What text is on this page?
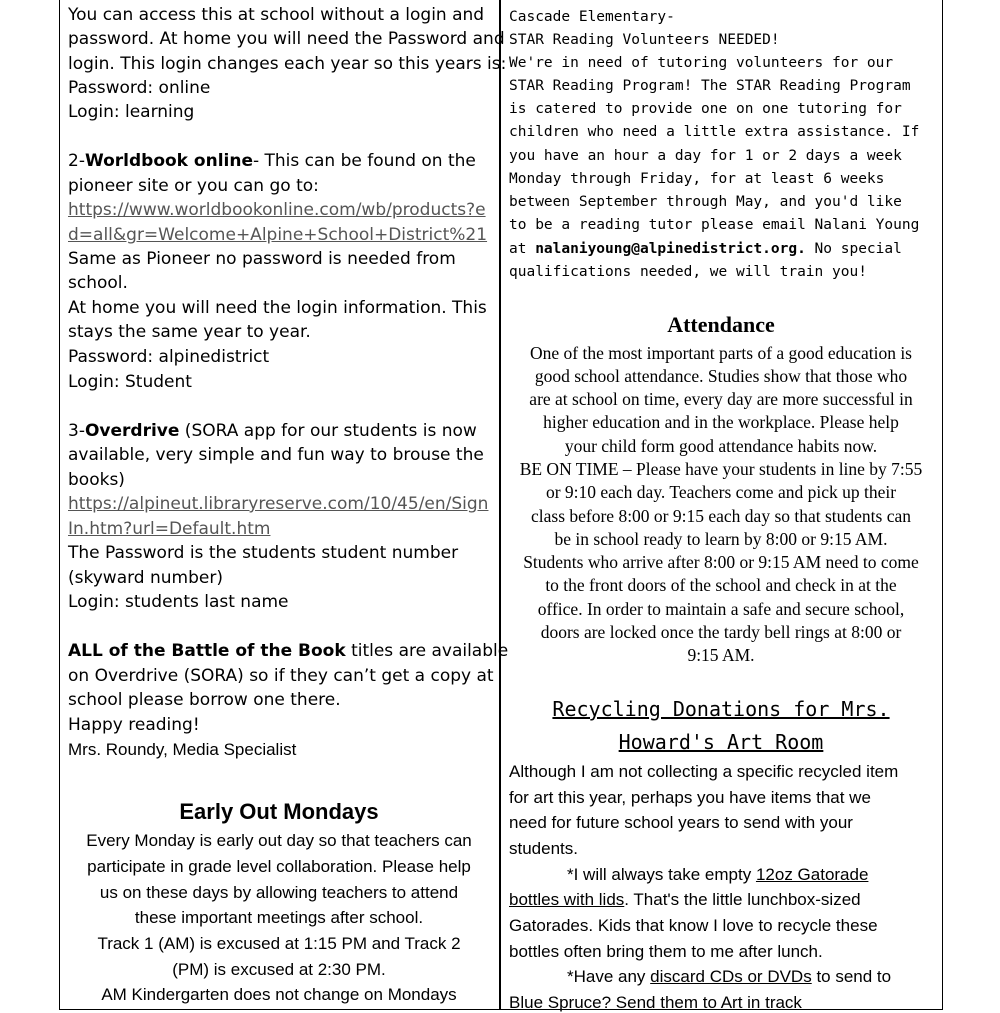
You can access this at school without a login and

password. At home you will need the Password and

login. This login changes each year so this years is:

Password: online

Login: learning

2-Worldbook online- This can be found on the

pioneer site or you can go to:

https://www.worldbookonline.com/wb/products?e

d=all&gr=Welcome+Alpine+School+District%21

Same as Pioneer no password is needed from

school.

At home you will need the login information. This

stays the same year to year.

Password: alpinedistrict

Login: Student

3-Overdrive (SORA app for our students is now

available, very simple and fun way to brouse the

books)

https://alpineut.libraryreserve.com/10/45/en/Sign

In.htm?url=Default.htm

The Password is the students student number

(skyward number)

Login: students last name

ALL of the Battle of the Book titles are available

on Overdrive (SORA) so if they can’t get a copy at

school please borrow one there.

Happy reading!

Mrs. Roundy, Media Specialist

Early Out Mondays

Every Monday is early out day so that teachers can

participate in grade level collaboration. Please help

us on these days by allowing teachers to attend

these important meetings after school.

Track 1 (AM) is excused at 1:15 PM and Track 2

(PM) is excused at 2:30 PM.

AM Kindergarten does not change on Mondays

Cascade Elementary-

STAR Reading Volunteers NEEDED!

We're in need of tutoring volunteers for our

STAR Reading Program! The STAR Reading Program

is catered to provide one on one tutoring for

children who need a little extra assistance. If

you have an hour a day for 1 or 2 days a week

Monday through Friday, for at least 6 weeks

between September through May, and you'd like

to be a reading tutor please email Nalani Young

at nalaniyoung@alpinedistrict.org. No special

qualifications needed, we will train you!

Attendance

One of the most important parts of a good education is

good school attendance. Studies show that those who

are at school on time, every day are more successful in

higher education and in the workplace. Please help

your child form good attendance habits now.

BE ON TIME – Please have your students in line by 7:55

or 9:10 each day. Teachers come and pick up their

class before 8:00 or 9:15 each day so that students can

be in school ready to learn by 8:00 or 9:15 AM.

Students who arrive after 8:00 or 9:15 AM need to come

to the front doors of the school and check in at the

office. In order to maintain a safe and secure school,

doors are locked once the tardy bell rings at 8:00 or

9:15 AM.

Recycling Donations for Mrs.

Howard's Art Room

Although I am not collecting a specific recycled item

for art this year, perhaps you have items that we

need for future school years to send with your

students.

*I will always take empty 12oz Gatorade

bottles with lids. That's the little lunchbox-sized

Gatorades. Kids that know I love to recycle these

bottles often bring them to me after lunch.

*Have any discard CDs or DVDs to send to

Blue Spruce? Send them to Art in track
